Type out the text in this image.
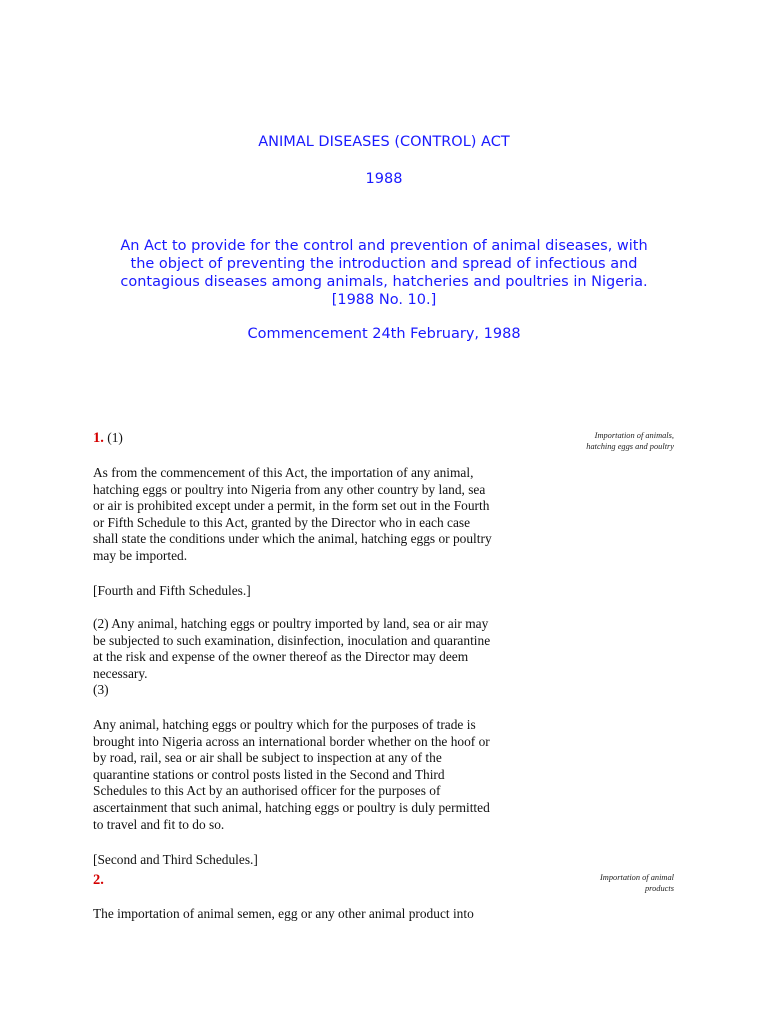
ANIMAL DISEASES (CONTROL) ACT
1988
An Act to provide for the control and prevention of animal diseases, with
the object of preventing the introduction and spread of infectious and
contagious diseases among animals, hatcheries and poultries in Nigeria.
[1988 No. 10.]
Commencement 24th February, 1988
1. (1)	Importation of animals,
hatching eggs and poultry
As from the commencement of this Act, the importation of any animal,
hatching eggs or poultry into Nigeria from any other country by land, sea
or air is prohibited except under a permit, in the form set out in the Fourth
or Fifth Schedule to this Act, granted by the Director who in each case
shall state the conditions under which the animal, hatching eggs or poultry
may be imported.
[Fourth and Fifth Schedules.]
(2) Any animal, hatching eggs or poultry imported by land, sea or air may
be subjected to such examination, disinfection, inoculation and quarantine
at the risk and expense of the owner thereof as the Director may deem
necessary.
(3)
Any animal, hatching eggs or poultry which for the purposes of trade is
brought into Nigeria across an international border whether on the hoof or
by road, rail, sea or air shall be subject to inspection at any of the
quarantine stations or control posts listed in the Second and Third
Schedules to this Act by an authorised officer for the purposes of
ascertainment that such animal, hatching eggs or poultry is duly permitted
to travel and fit to do so.
[Second and Third Schedules.]
2.	Importation of animal
products
The importation of animal semen, egg or any other animal product into
